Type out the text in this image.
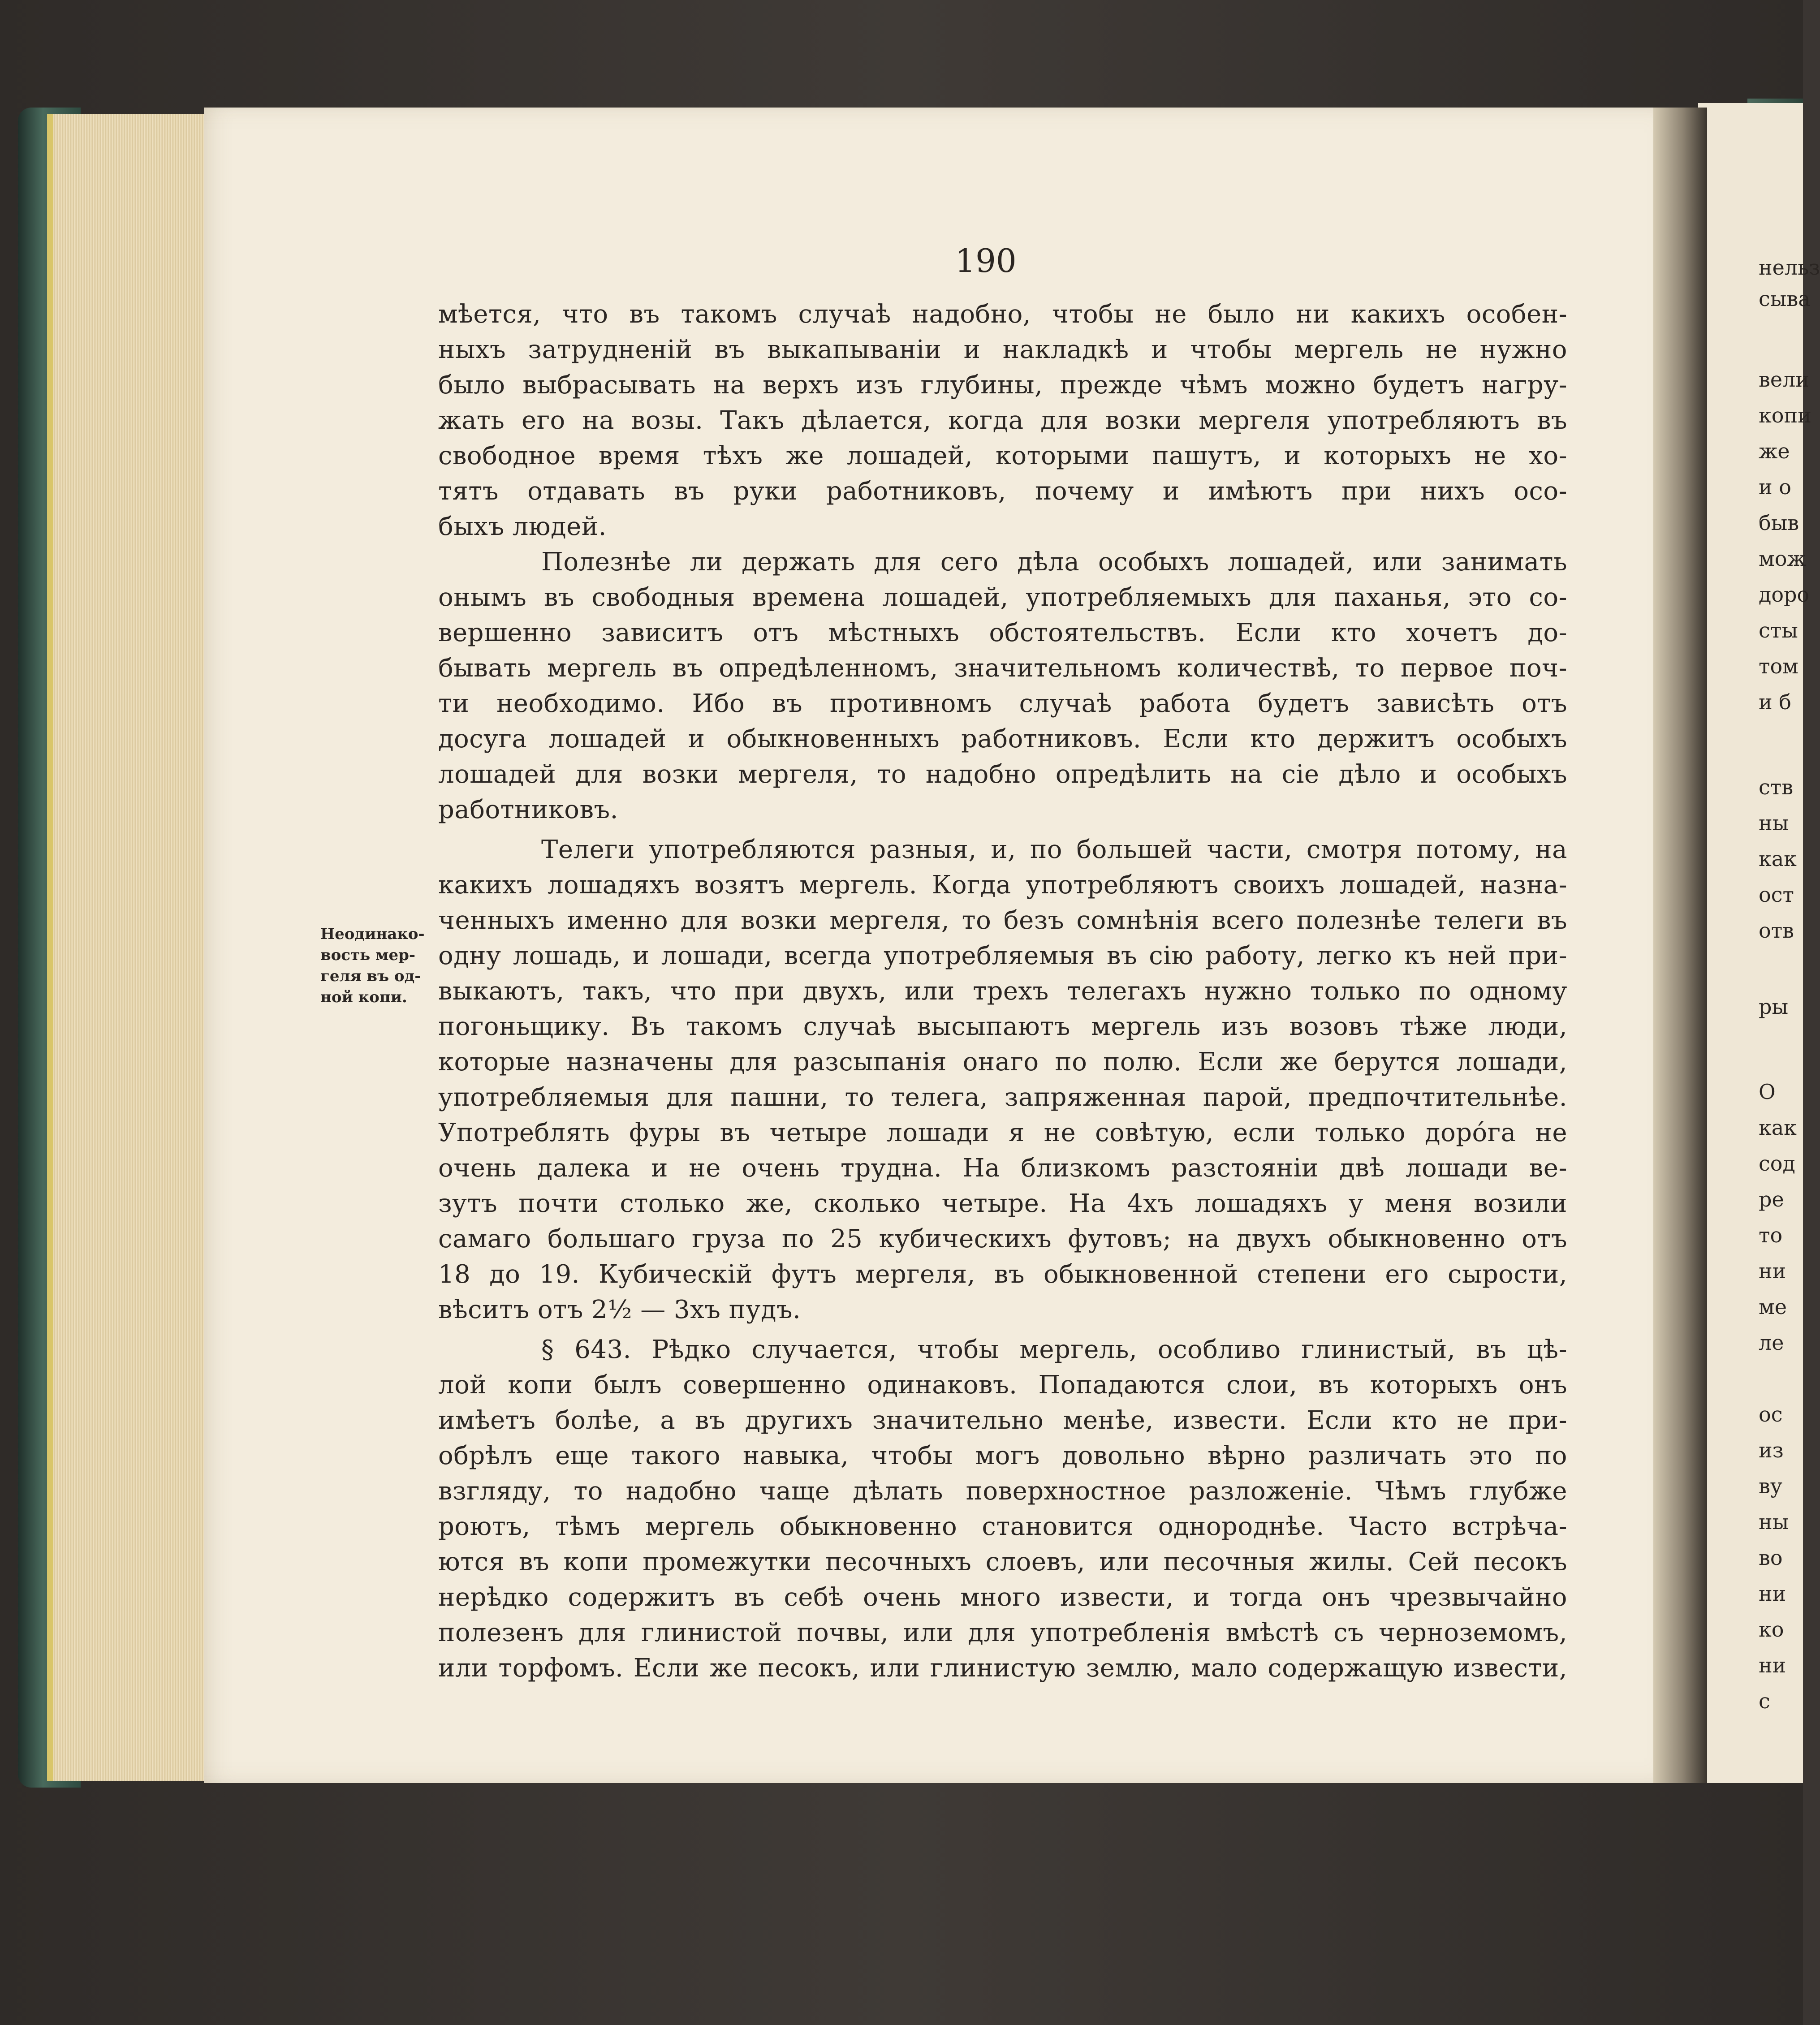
190
мѣется, что въ такомъ случаѣ надобно, чтобы не было ни какихъ особен-
ныхъ затрудненій въ выкапываніи и накладкѣ и чтобы мергель не нужно
было выбрасывать на верхъ изъ глубины, прежде чѣмъ можно будетъ нагру-
жать его на возы. Такъ дѣлается, когда для возки мергеля употребляютъ въ
свободное время тѣхъ же лошадей, которыми пашутъ, и которыхъ не хо-
тятъ отдавать въ руки работниковъ, почему и имѣютъ при нихъ осо-
быхъ людей.
Полезнѣе ли держать для сего дѣла особыхъ лошадей, или занимать
онымъ въ свободныя времена лошадей, употребляемыхъ для паханья, это со-
вершенно зависитъ отъ мѣстныхъ обстоятельствъ. Если кто хочетъ до-
бывать мергель въ опредѣленномъ, значительномъ количествѣ, то первое поч-
ти необходимо. Ибо въ противномъ случаѣ работа будетъ зависѣть отъ
досуга лошадей и обыкновенныхъ работниковъ. Если кто держитъ особыхъ
лошадей для возки мергеля, то надобно опредѣлить на сіе дѣло и особыхъ
работниковъ.
Телеги употребляются разныя, и, по большей части, смотря потому, на
какихъ лошадяхъ возятъ мергель. Когда употребляютъ своихъ лошадей, назна-
ченныхъ именно для возки мергеля, то безъ сомнѣнія всего полезнѣе телеги въ
одну лошадь, и лошади, всегда употребляемыя въ сію работу, легко къ ней при-
выкаютъ, такъ, что при двухъ, или трехъ телегахъ нужно только по одному
погоньщику. Въ такомъ случаѣ высыпаютъ мергель изъ возовъ тѣже люди,
которые назначены для разсыпанія онаго по полю. Если же берутся лошади,
употребляемыя для пашни, то телега, запряженная парой, предпочтительнѣе.
Употреблять фуры въ четыре лошади я не совѣтую, если только дорóга не
очень далека и не очень трудна. На близкомъ разстояніи двѣ лошади ве-
зутъ почти столько же, сколько четыре. На 4хъ лошадяхъ у меня возили
самаго большаго груза по 25 кубическихъ футовъ; на двухъ обыкновенно отъ
18 до 19. Кубическій футъ мергеля, въ обыкновенной степени его сырости,
вѣситъ отъ 2½ — 3хъ пудъ.
§ 643. Рѣдко случается, чтобы мергель, особливо глинистый, въ цѣ-
лой копи былъ совершенно одинаковъ. Попадаются слои, въ которыхъ онъ
имѣетъ болѣе, а въ другихъ значительно менѣе, извести. Если кто не при-
обрѣлъ еще такого навыка, чтобы могъ довольно вѣрно различать это по
взгляду, то надобно чаще дѣлать поверхностное разложеніе. Чѣмъ глубже
роютъ, тѣмъ мергель обыкновенно становится однороднѣе. Часто встрѣча-
ются въ копи промежутки песочныхъ слоевъ, или песочныя жилы. Сей песокъ
нерѣдко содержитъ въ себѣ очень много извести, и тогда онъ чрезвычайно
полезенъ для глинистой почвы, или для употребленія вмѣстѣ съ черноземомъ,
или торфомъ. Если же песокъ, или глинистую землю, мало содержащую извести,
Неодинако-
вость мер-
геля въ од-
ной копи.
нельз
сыва
вели
копи
же
и о
быв
мож
доро
сты
том
и б
ств
ны
как
ост
отв
ры
О
как
сод
ре
то
ни
ме
ле
ос
из
ву
ны
во
ни
ко
ни
с
